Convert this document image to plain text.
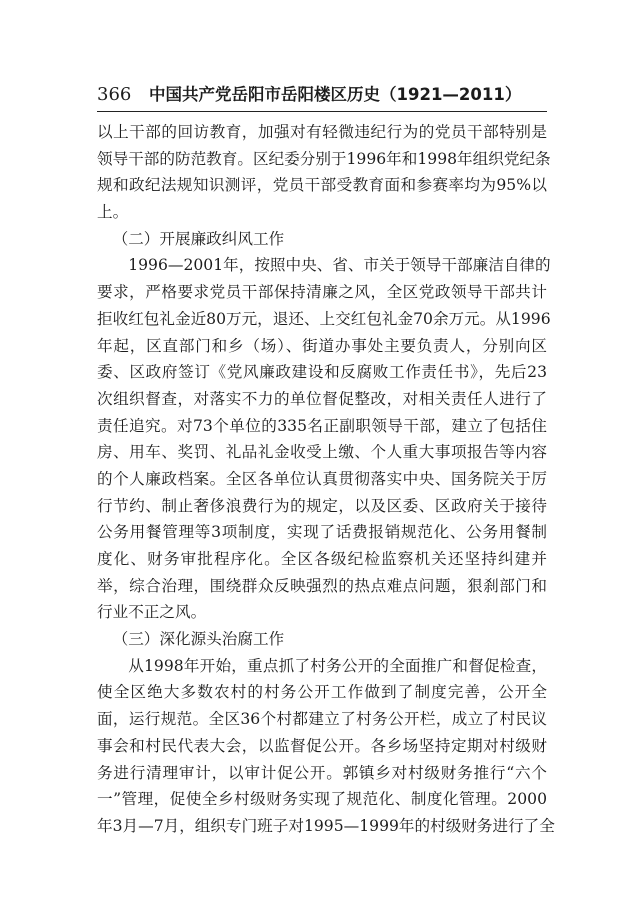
366 中国共产党岳阳市岳阳楼区历史（1921—2011）
以上干部的回访教育，加强对有轻微违纪行为的党员干部特别是
领导干部的防范教育。区纪委分别于1996年和1998年组织党纪条
规和政纪法规知识测评，党员干部受教育面和参赛率均为95%以
上。
（二）开展廉政纠风工作
1996—2001年，按照中央、省、市关于领导干部廉洁自律的
要求，严格要求党员干部保持清廉之风，全区党政领导干部共计
拒收红包礼金近80万元，退还、上交红包礼金70余万元。从1996
年起，区直部门和乡（场）、街道办事处主要负责人，分别向区
委、区政府签订《党风廉政建设和反腐败工作责任书》，先后23
次组织督查，对落实不力的单位督促整改，对相关责任人进行了
责任追究。对73个单位的335名正副职领导干部，建立了包括住
房、用车、奖罚、礼品礼金收受上缴、个人重大事项报告等内容
的个人廉政档案。全区各单位认真贯彻落实中央、国务院关于厉
行节约、制止奢侈浪费行为的规定，以及区委、区政府关于接待
公务用餐管理等3项制度，实现了话费报销规范化、公务用餐制
度化、财务审批程序化。全区各级纪检监察机关还坚持纠建并
举，综合治理，围绕群众反映强烈的热点难点问题，狠刹部门和
行业不正之风。
（三）深化源头治腐工作
从1998年开始，重点抓了村务公开的全面推广和督促检查，
使全区绝大多数农村的村务公开工作做到了制度完善，公开全
面，运行规范。全区36个村都建立了村务公开栏，成立了村民议
事会和村民代表大会，以监督促公开。各乡场坚持定期对村级财
务进行清理审计，以审计促公开。郭镇乡对村级财务推行“六个
一”管理，促使全乡村级财务实现了规范化、制度化管理。2000
年3月—7月，组织专门班子对1995—1999年的村级财务进行了全
